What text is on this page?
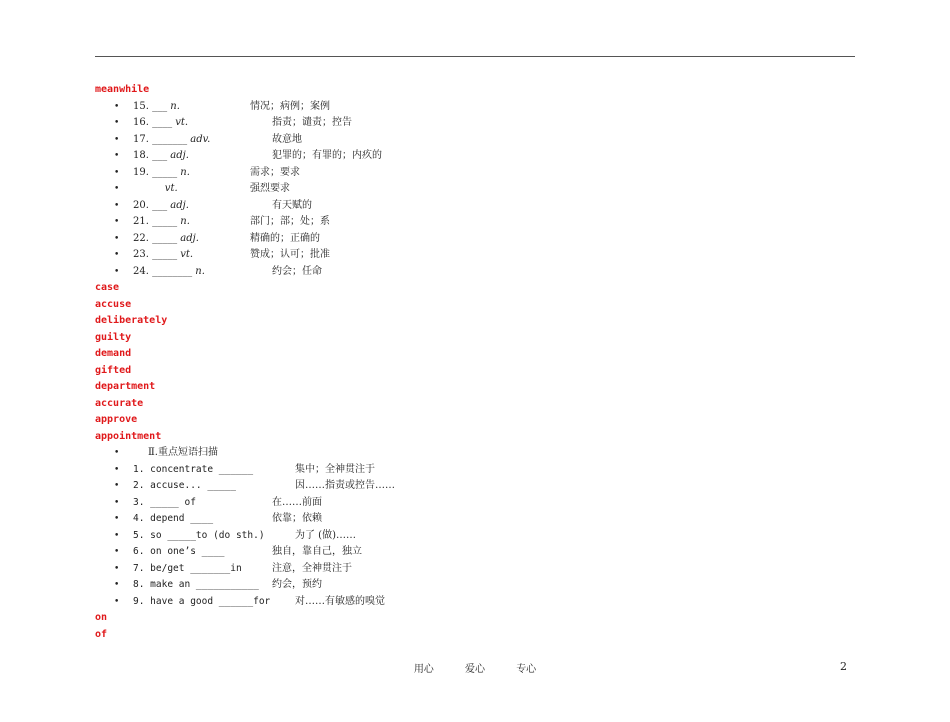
meanwhile
• 15. ___ n.	情况；病例；案例
• 16. ____ vt.	指责；谴责；控告
• 17. _______ adv.	故意地
• 18. ___ adj.	犯罪的；有罪的；内疚的
• 19. _____ n.	需求；要求
•	vt.	强烈要求
• 20. ___ adj.	有天赋的
• 21. _____ n.	部门；部；处；系
• 22. _____ adj.	精确的；正确的
• 23. _____ vt.	赞成；认可；批准
• 24. ________ n.	约会；任命
case
accuse
deliberately
guilty
demand
gifted
department
accurate
approve
appointment
•	Ⅱ.重点短语扫描
• 1. concentrate ______	集中；全神贯注于
• 2. accuse... _____	因……指责或控告……
• 3. _____ of	在……前面
• 4. depend ____	依靠；依赖
• 5. so _____to (do sth.)	为了 (做)……
• 6. on one’s ____	独自，靠自己，独立
• 7. be/get _______in	注意，全神贯注于
• 8. make an ___________ 约会，预约
• 9. have a good ______for 对……有敏感的嗅觉
on
of
用心	爱心	专心	2
